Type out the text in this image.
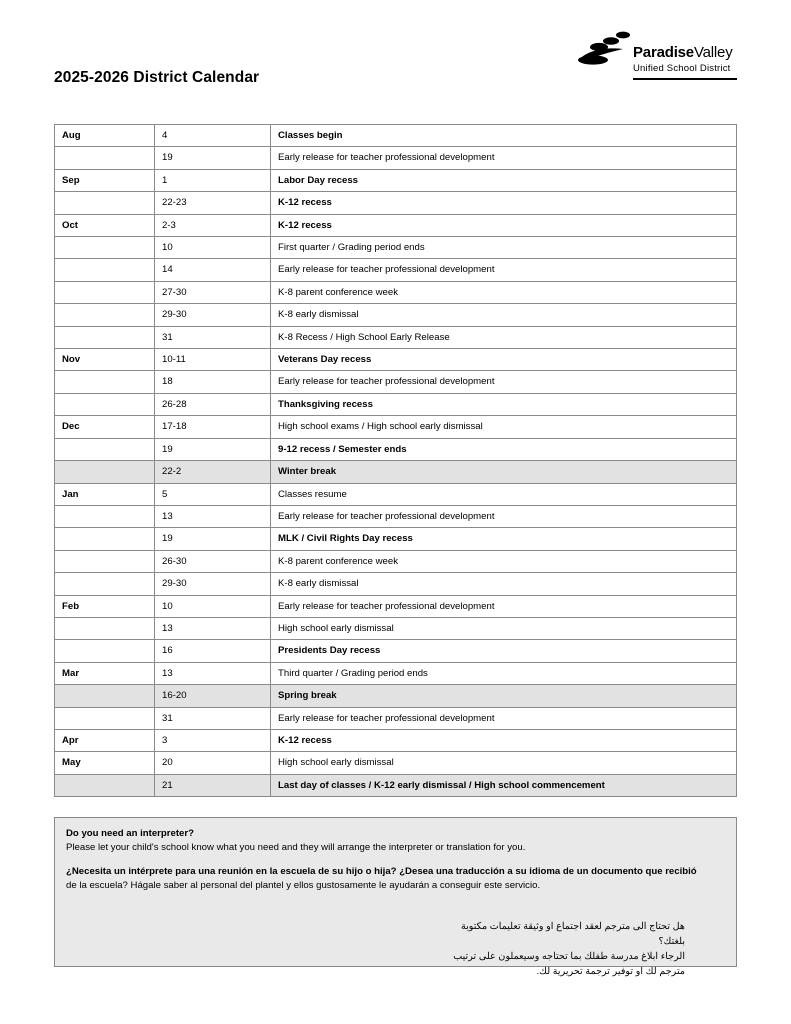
2025-2026 District Calendar
ParadiseValley
Unified School District
Aug	4	Classes begin
	19	Early release for teacher professional development
Sep	1	Labor Day recess
	22-23	K-12 recess
Oct	2-3	K-12 recess
	10	First quarter / Grading period ends
	14	Early release for teacher professional development
	27-30	K-8 parent conference week
	29-30	K-8 early dismissal
	31	K-8 Recess / High School Early Release
Nov	10-11	Veterans Day recess
	18	Early release for teacher professional development
	26-28	Thanksgiving recess
Dec	17-18	High school exams / High school early dismissal
	19	9-12 recess / Semester ends
	22-2	Winter break
Jan	5	Classes resume
	13	Early release for teacher professional development
	19	MLK / Civil Rights Day recess
	26-30	K-8 parent conference week
	29-30	K-8 early dismissal
Feb	10	Early release for teacher professional development
	13	High school early dismissal
	16	Presidents Day recess
Mar	13	Third quarter / Grading period ends
	16-20	Spring break
	31	Early release for teacher professional development
Apr	3	K-12 recess
May	20	High school early dismissal
	21	Last day of classes / K-12 early dismissal / High school commencement
Do you need an interpreter?
Please let your child's school know what you need and they will arrange the interpreter or translation for you.
¿Necesita un intérprete para una reunión en la escuela de su hijo o hija? ¿Desea una traducción a su idioma de un documento que recibió
de la escuela? Hágale saber al personal del plantel y ellos gustosamente le ayudarán a conseguir este servicio.
هل تحتاج الى مترجم لعقد اجتماع او وثيقة تعليمات مكتوبة
بلغتك؟
الرجاء ابلاغ مدرسة طفلك بما تحتاجه وسيعملون على ترتيب
مترجم لك او توفير ترجمة تحريرية لك.
